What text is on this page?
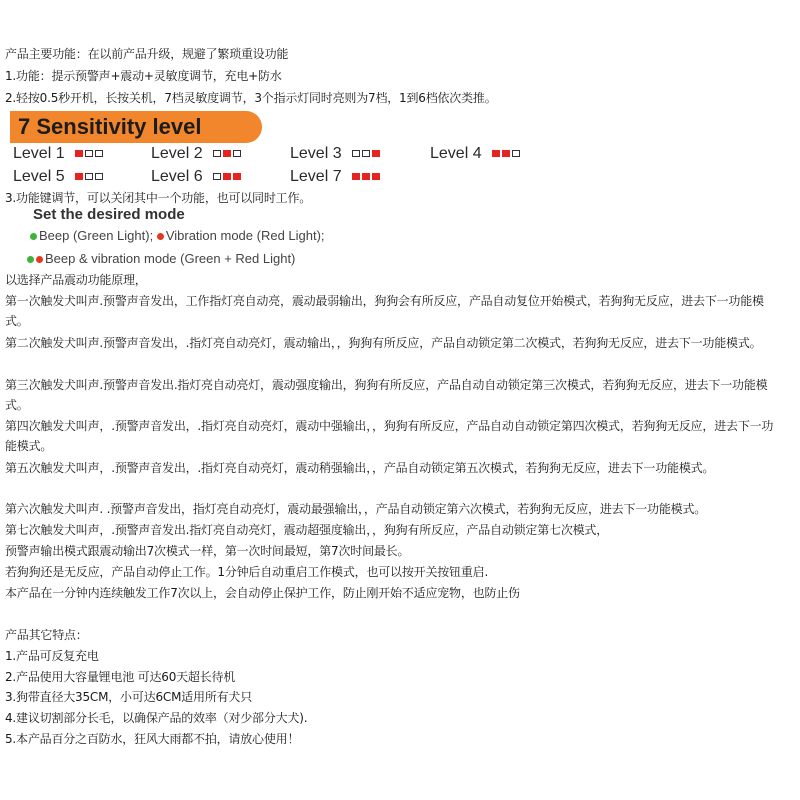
产品主要功能：在以前产品升级，规避了繁琐重设功能
1.功能：提示预警声+震动+灵敏度调节，充电+防水
2.轻按0.5秒开机，长按关机，7档灵敏度调节，3个指示灯同时亮则为7档，1到6档依次类推。
7 Sensitivity level
Level 1	Level 2	Level 3	Level 4
Level 5	Level 6	Level 7
3.功能键调节，可以关闭其中一个功能，也可以同时工作。
Set the desired mode
Beep (Green Light); Vibration mode (Red Light);
Beep & vibration mode (Green + Red Light)
以选择产品震动功能原理，
第一次触发犬叫声.预警声音发出，工作指灯亮自动亮，震动最弱输出，狗狗会有所反应，产品自动复位开始模式，若狗狗无反应，进去下一功能模式。
第二次触发犬叫声.预警声音发出，.指灯亮自动亮灯，震动输出，，狗狗有所反应，产品自动锁定第二次模式，若狗狗无反应，进去下一功能模式。
第三次触发犬叫声.预警声音发出.指灯亮自动亮灯，震动强度输出，狗狗有所反应，产品自动自动锁定第三次模式，若狗狗无反应，进去下一功能模式。
第四次触发犬叫声，.预警声音发出，.指灯亮自动亮灯，震动中强输出，，狗狗有所反应，产品自动自动锁定第四次模式，若狗狗无反应，进去下一功能模式。
第五次触发犬叫声，.预警声音发出，.指灯亮自动亮灯，震动稍强输出，，产品自动锁定第五次模式，若狗狗无反应，进去下一功能模式。
第六次触发犬叫声. .预警声音发出，指灯亮自动亮灯，震动最强输出，，产品自动锁定第六次模式，若狗狗无反应，进去下一功能模式。
第七次触发犬叫声，.预警声音发出.指灯亮自动亮灯，震动超强度输出，，狗狗有所反应，产品自动锁定第七次模式，
预警声输出模式跟震动输出7次模式一样，第一次时间最短，第7次时间最长。
若狗狗还是无反应，产品自动停止工作。1分钟后自动重启工作模式，也可以按开关按钮重启.
本产品在一分钟内连续触发工作7次以上，会自动停止保护工作，防止刚开始不适应宠物，也防止伤
产品其它特点：
1.产品可反复充电
2.产品使用大容量锂电池 可达60天超长待机
3.狗带直径大35CM，小可达6CM适用所有犬只
4.建议切割部分长毛，以确保产品的效率（对少部分大犬).
5.本产品百分之百防水，狂风大雨都不拍，请放心使用！
